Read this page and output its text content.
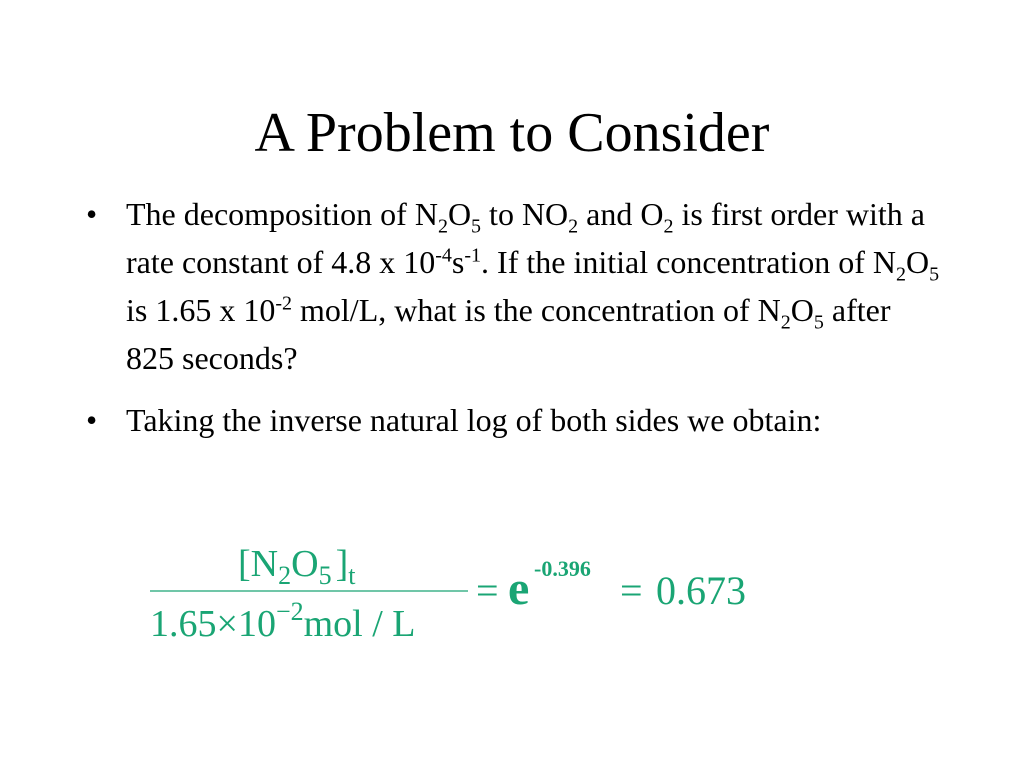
A Problem to Consider
• The decomposition of $N_2O_5$ to $NO_2$ and $O_2$ is first order with a rate constant of 4.8 x $10^{-4}s^{-1}$. If the initial concentration of $N_2O_5$ is 1.65 x $10^{-2}$ mol/L, what is the concentration of $N_2O_5$ after 825 seconds?
• Taking the inverse natural log of both sides we obtain:
[$N_2O_5$ ]$_t$
$1.65\times 10^{-2}mol / L$
= e -0.396 = 0.673
